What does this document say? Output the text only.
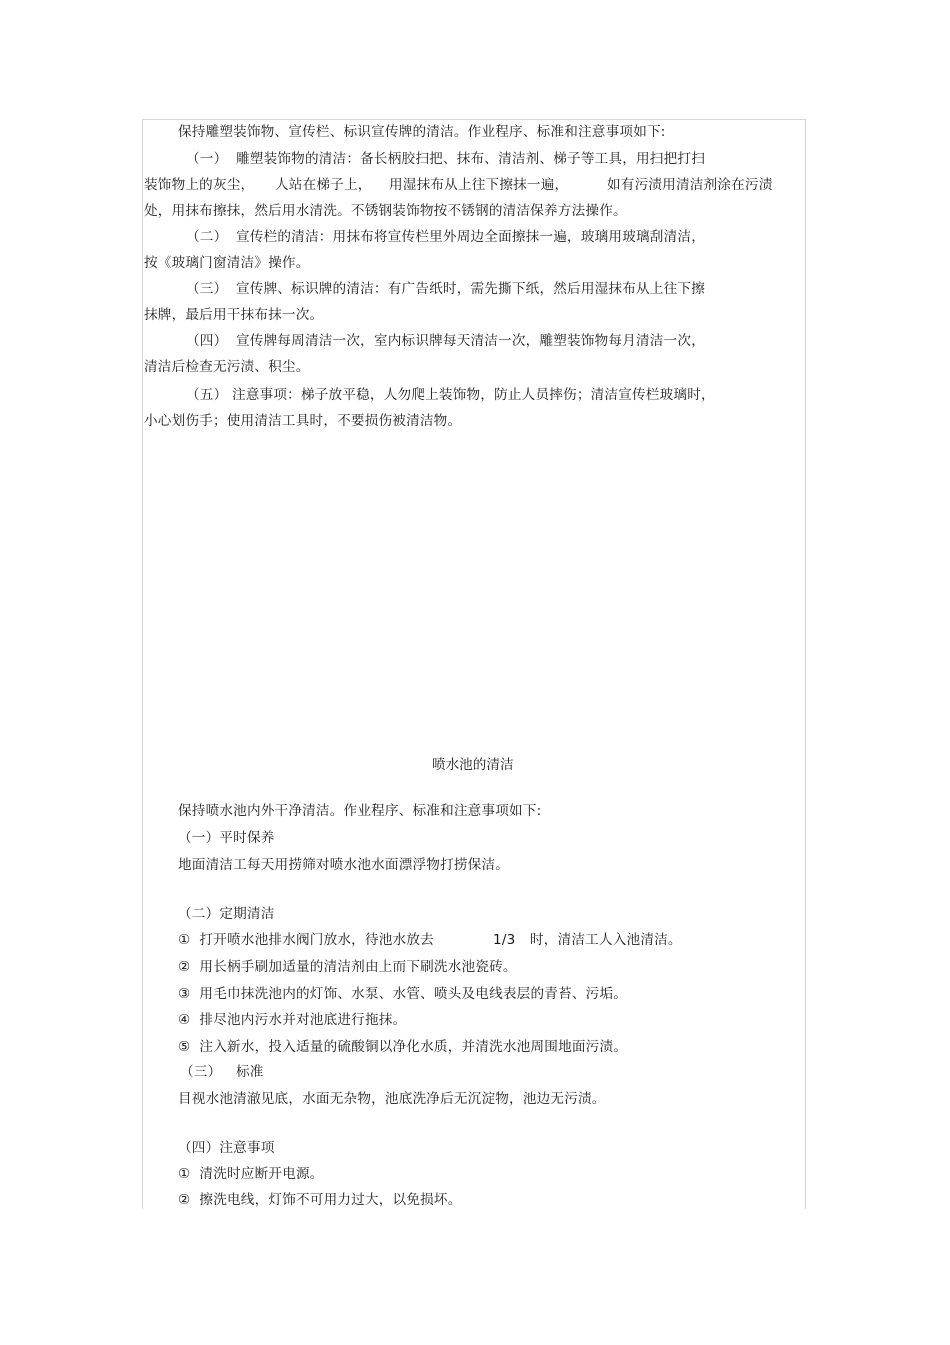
保持雕塑装饰物、宣传栏、标识宣传牌的清洁。作业程序、标准和注意事项如下:
（一） 雕塑装饰物的清洁：备长柄胶扫把、抹布、清洁剂、梯子等工具，用扫把打扫
装饰物上的灰尘， 人站在梯子上， 用湿抹布从上往下擦抹一遍，	如有污渍用清洁剂涂在污渍
处，用抹布擦抹，然后用水清洗。不锈钢装饰物按不锈钢的清洁保养方法操作。
（二） 宣传栏的清洁：用抹布将宣传栏里外周边全面擦抹一遍，玻璃用玻璃刮清洁，
按《玻璃门窗清洁》操作。
（三） 宣传牌、标识牌的清洁：有广告纸时，需先撕下纸，然后用湿抹布从上往下擦
抹牌，最后用干抹布抹一次。
（四） 宣传牌每周清洁一次，室内标识牌每天清洁一次，雕塑装饰物每月清洁一次，
清洁后检查无污渍、积尘。
（五） 注意事项：梯子放平稳，人勿爬上装饰物，防止人员摔伤；清洁宣传栏玻璃时，
小心划伤手；使用清洁工具时，不要损伤被清洁物。
喷水池的清洁
保持喷水池内外干净清洁。作业程序、标准和注意事项如下:
（一）平时保养
地面清洁工每天用捞筛对喷水池水面漂浮物打捞保洁。
（二）定期清洁
①  打开喷水池排水阀门放水，待池水放去	1/3 时，清洁工人入池清洁。
②  用长柄手刷加适量的清洁剂由上而下刷洗水池瓷砖。
③  用毛巾抹洗池内的灯饰、水泵、水管、喷头及电线表层的青苔、污垢。
④  排尽池内污水并对池底进行拖抹。
⑤  注入新水，投入适量的硫酸铜以净化水质，并清洗水池周围地面污渍。
（三） 标准
目视水池清澈见底，水面无杂物，池底洗净后无沉淀物，池边无污渍。
（四）注意事项
①  清洗时应断开电源。
②  擦洗电线，灯饰不可用力过大，以免损坏。
